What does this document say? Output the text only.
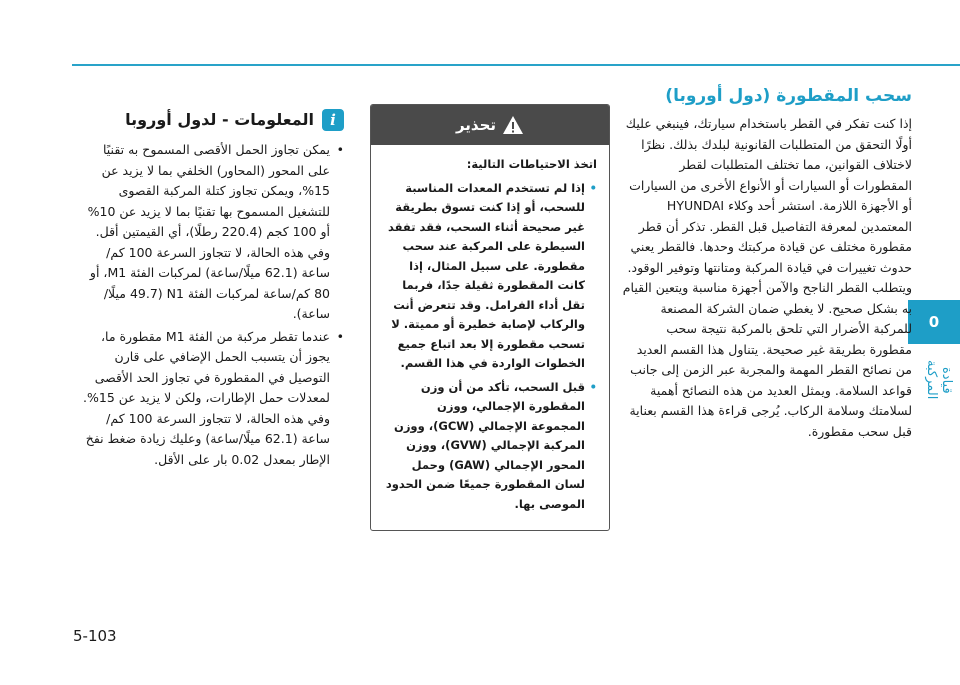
0
قيادة المركبة
سحب المقطورة (دول أوروبا)
إذا كنت تفكر في القطر باستخدام سيارتك، فينبغي عليك أولًا التحقق من المتطلبات القانونية لبلدك بذلك. نظرًا لاختلاف القوانين، مما تختلف المتطلبات لقطر المقطورات أو السيارات أو الأنواع الأخرى من السيارات أو الأجهزة اللازمة. استشر أحد وكلاء HYUNDAI المعتمدين لمعرفة التفاصيل قبل القطر. تذكر أن قطر مقطورة مختلف عن قيادة مركبتك وحدها. فالقطر يعني حدوث تغييرات في قيادة المركبة ومتانتها وتوفير الوقود. ويتطلب القطر الناجح والآمن أجهزة مناسبة ويتعين القيام به بشكل صحيح. لا يغطي ضمان الشركة المصنعة للمركبة الأضرار التي تلحق بالمركبة نتيجة سحب مقطورة بطريقة غير صحيحة. يتناول هذا القسم العديد من نصائح القطر المهمة والمجربة عبر الزمن إلى جانب قواعد السلامة. ويمثل العديد من هذه النصائح أهمية لسلامتك وسلامة الركاب. يُرجى قراءة هذا القسم بعناية قبل سحب مقطورة.
تحذير
اتخذ الاحتياطات التالية:
• إذا لم تستخدم المعدات المناسبة للسحب، أو إذا كنت تسوق بطريقة غير صحيحة أثناء السحب، فقد تفقد السيطرة على المركبة عند سحب مقطورة. على سبيل المثال، إذا كانت المقطورة ثقيلة جدًا، فربما تقل أداء الفرامل. وقد تتعرض أنت والركاب لإصابة خطيرة أو مميتة. لا تسحب مقطورة إلا بعد اتباع جميع الخطوات الواردة في هذا القسم.
• قبل السحب، تأكد من أن وزن المقطورة الإجمالي، ووزن المجموعة الإجمالي (GCW)، ووزن المركبة الإجمالي (GVW)، ووزن المحور الإجمالي (GAW) وحمل لسان المقطورة جميعًا ضمن الحدود الموصى بها.
i
المعلومات - لدول أوروبا
• يمكن تجاوز الحمل الأقصى المسموح به تقنيًا على المحور (المحاور) الخلفي بما لا يزيد عن 15%، ويمكن تجاوز كتلة المركبة القصوى للتشغيل المسموح بها تقنيًا بما لا يزيد عن 10% أو 100 كجم (220.4 رطلًا)، أي القيمتين أقل. وفي هذه الحالة، لا تتجاوز السرعة 100 كم/ساعة (62.1 ميلًا/ساعة) لمركبات الفئة M1، أو 80 كم/ساعة لمركبات الفئة N1 (49.7 ميلًا/ساعة).
• عندما تقطر مركبة من الفئة M1 مقطورة ما، يجوز أن يتسبب الحمل الإضافي على قارن التوصيل في المقطورة في تجاوز الحد الأقصى لمعدلات حمل الإطارات، ولكن لا يزيد عن 15%. وفي هذه الحالة، لا تتجاوز السرعة 100 كم/ساعة (62.1 ميلًا/ساعة) وعليك زيادة ضغط نفخ الإطار بمعدل 0.02 بار على الأقل.
5-103
